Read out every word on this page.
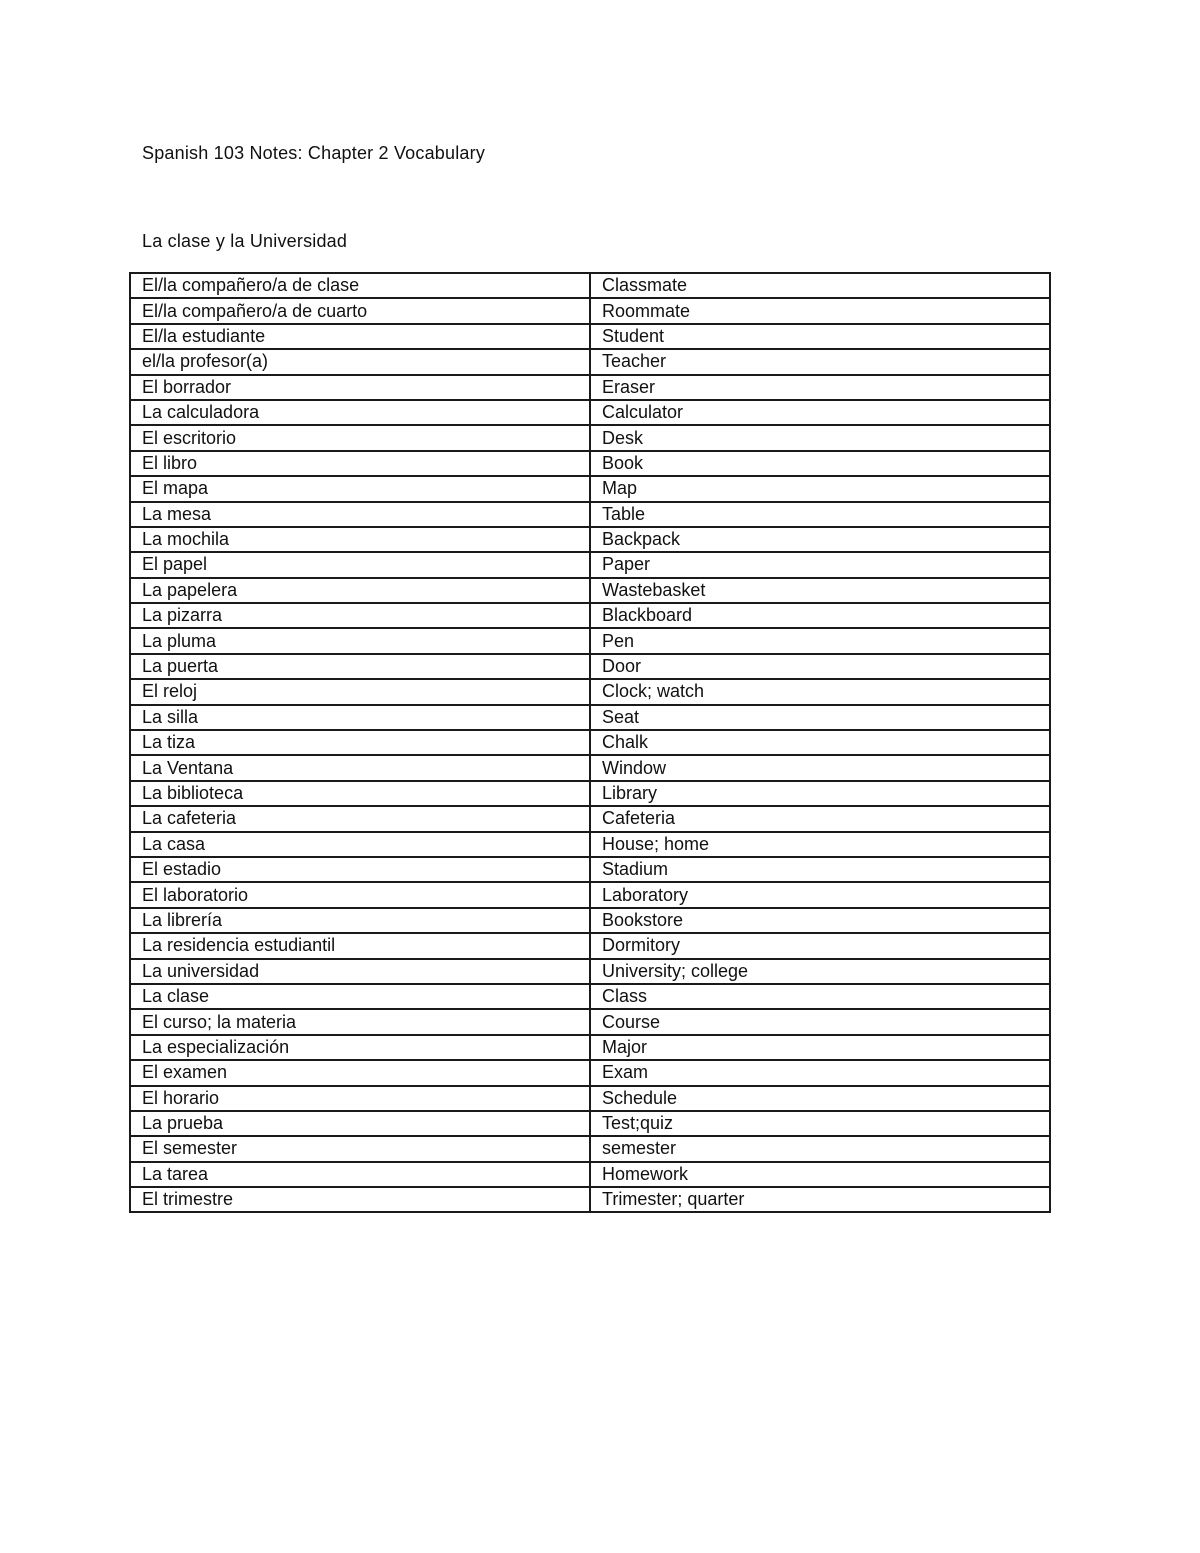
Spanish 103 Notes: Chapter 2 Vocabulary
La clase y la Universidad
El/la compañero/a de clase	Classmate
El/la compañero/a de cuarto	Roommate
El/la estudiante	Student
el/la profesor(a)	Teacher
El borrador	Eraser
La calculadora	Calculator
El escritorio	Desk
El libro	Book
El mapa	Map
La mesa	Table
La mochila	Backpack
El papel	Paper
La papelera	Wastebasket
La pizarra	Blackboard
La pluma	Pen
La puerta	Door
El reloj	Clock; watch
La silla	Seat
La tiza	Chalk
La Ventana	Window
La biblioteca	Library
La cafeteria	Cafeteria
La casa	House; home
El estadio	Stadium
El laboratorio	Laboratory
La librería	Bookstore
La residencia estudiantil	Dormitory
La universidad	University; college
La clase	Class
El curso; la materia	Course
La especialización	Major
El examen	Exam
El horario	Schedule
La prueba	Test;quiz
El semester	semester
La tarea	Homework
El trimestre	Trimester; quarter
